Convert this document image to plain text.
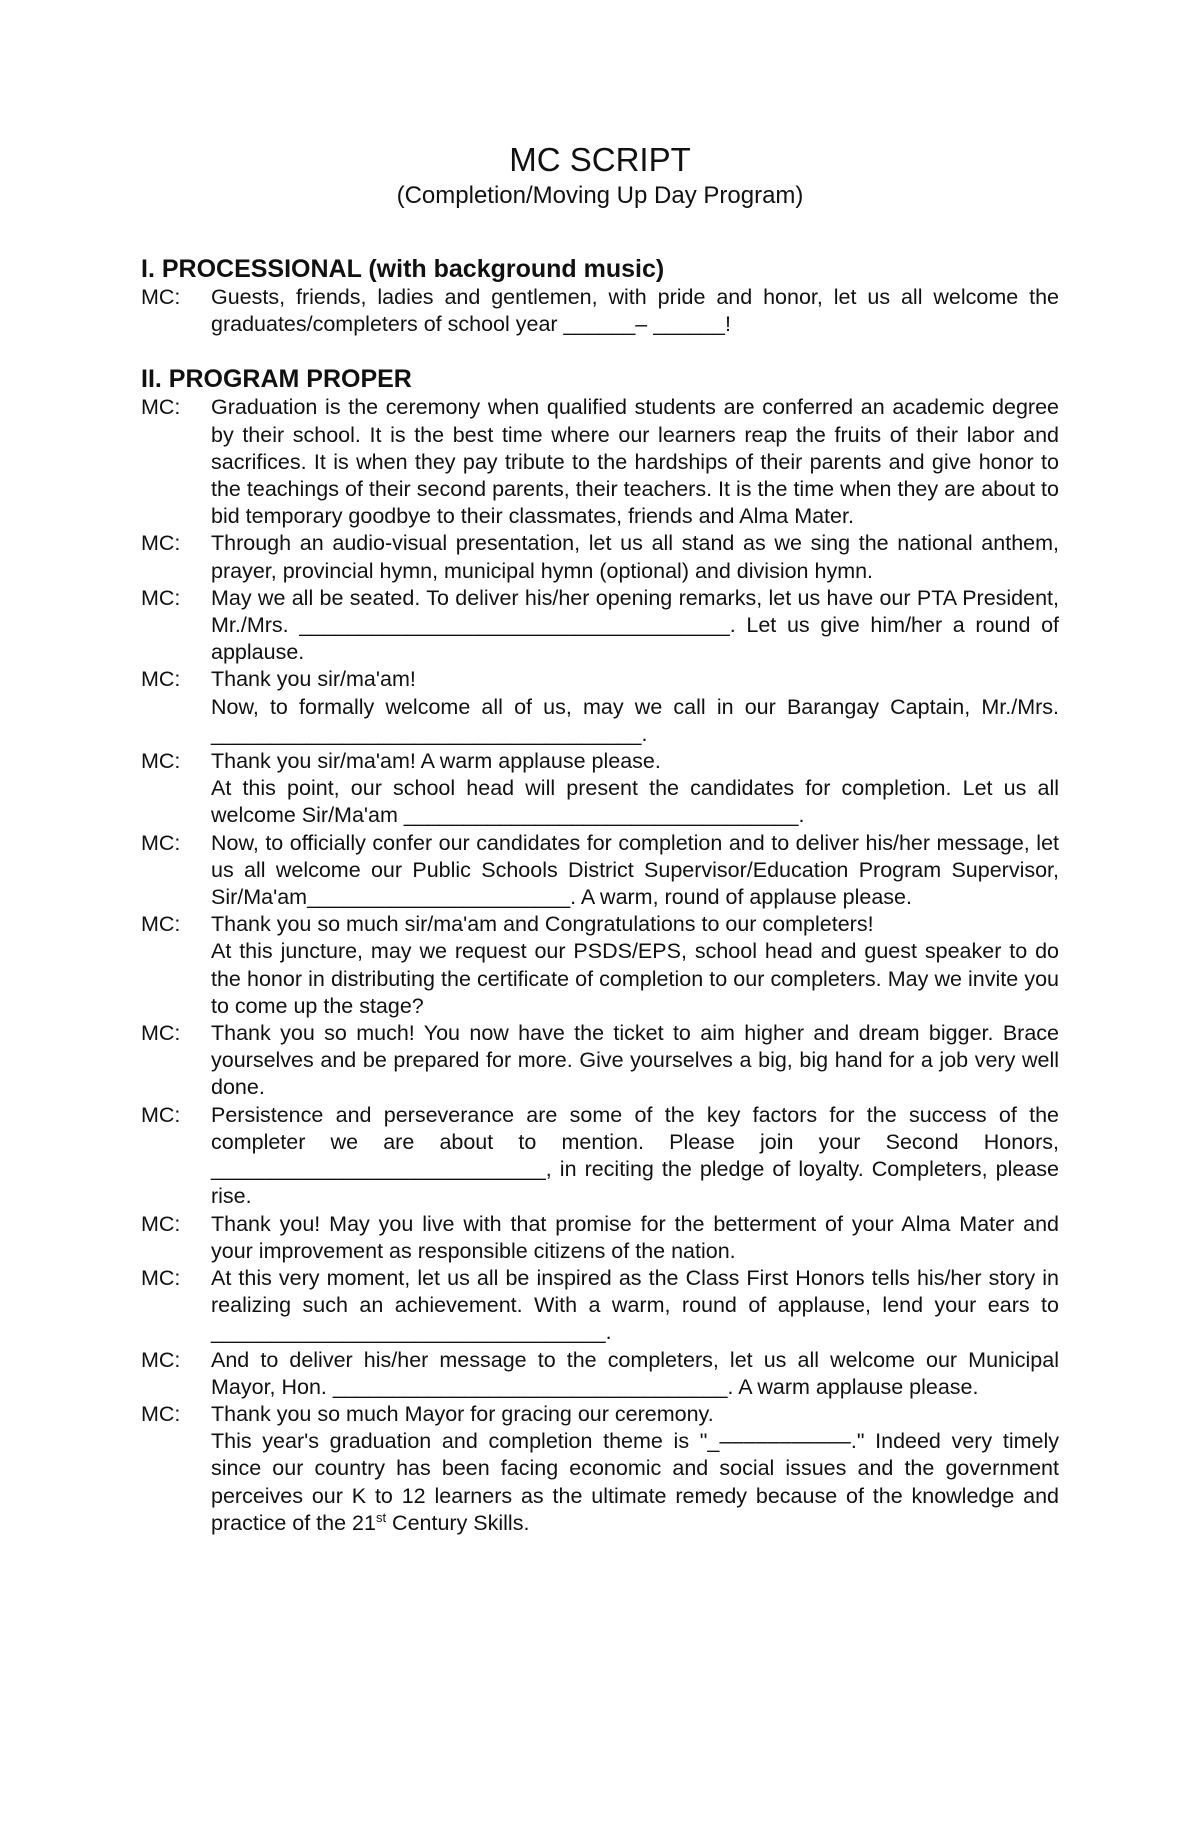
MC SCRIPT
(Completion/Moving Up Day Program)
I. PROCESSIONAL (with background music)
MC: Guests, friends, ladies and gentlemen, with pride and honor, let us all welcome the graduates/completers of school year ______– ______!
II. PROGRAM PROPER
MC: Graduation is the ceremony when qualified students are conferred an academic degree by their school. It is the best time where our learners reap the fruits of their labor and sacrifices. It is when they pay tribute to the hardships of their parents and give honor to the teachings of their second parents, their teachers. It is the time when they are about to bid temporary goodbye to their classmates, friends and Alma Mater.
MC: Through an audio-visual presentation, let us all stand as we sing the national anthem, prayer, provincial hymn, municipal hymn (optional) and division hymn.
MC: May we all be seated. To deliver his/her opening remarks, let us have our PTA President, Mr./Mrs. ____________________________________. Let us give him/her a round of applause.
MC: Thank you sir/ma'am!
Now, to formally welcome all of us, may we call in our Barangay Captain, Mr./Mrs. ____________________________________.
MC: Thank you sir/ma'am! A warm applause please.
At this point, our school head will present the candidates for completion. Let us all welcome Sir/Ma'am _________________________________.
MC: Now, to officially confer our candidates for completion and to deliver his/her message, let us all welcome our Public Schools District Supervisor/Education Program Supervisor, Sir/Ma'am______________________. A warm, round of applause please.
MC: Thank you so much sir/ma'am and Congratulations to our completers!
At this juncture, may we request our PSDS/EPS, school head and guest speaker to do the honor in distributing the certificate of completion to our completers. May we invite you to come up the stage?
MC: Thank you so much! You now have the ticket to aim higher and dream bigger. Brace yourselves and be prepared for more. Give yourselves a big, big hand for a job very well done.
MC: Persistence and perseverance are some of the key factors for the success of the completer we are about to mention. Please join your Second Honors, ____________________________, in reciting the pledge of loyalty. Completers, please rise.
MC: Thank you! May you live with that promise for the betterment of your Alma Mater and your improvement as responsible citizens of the nation.
MC: At this very moment, let us all be inspired as the Class First Honors tells his/her story in realizing such an achievement. With a warm, round of applause, lend your ears to _________________________________.
MC: And to deliver his/her message to the completers, let us all welcome our Municipal Mayor, Hon. _________________________________. A warm applause please.
MC: Thank you so much Mayor for gracing our ceremony.
This year's graduation and completion theme is "_–––––––––––." Indeed very timely since our country has been facing economic and social issues and the government perceives our K to 12 learners as the ultimate remedy because of the knowledge and practice of the 21st Century Skills.
